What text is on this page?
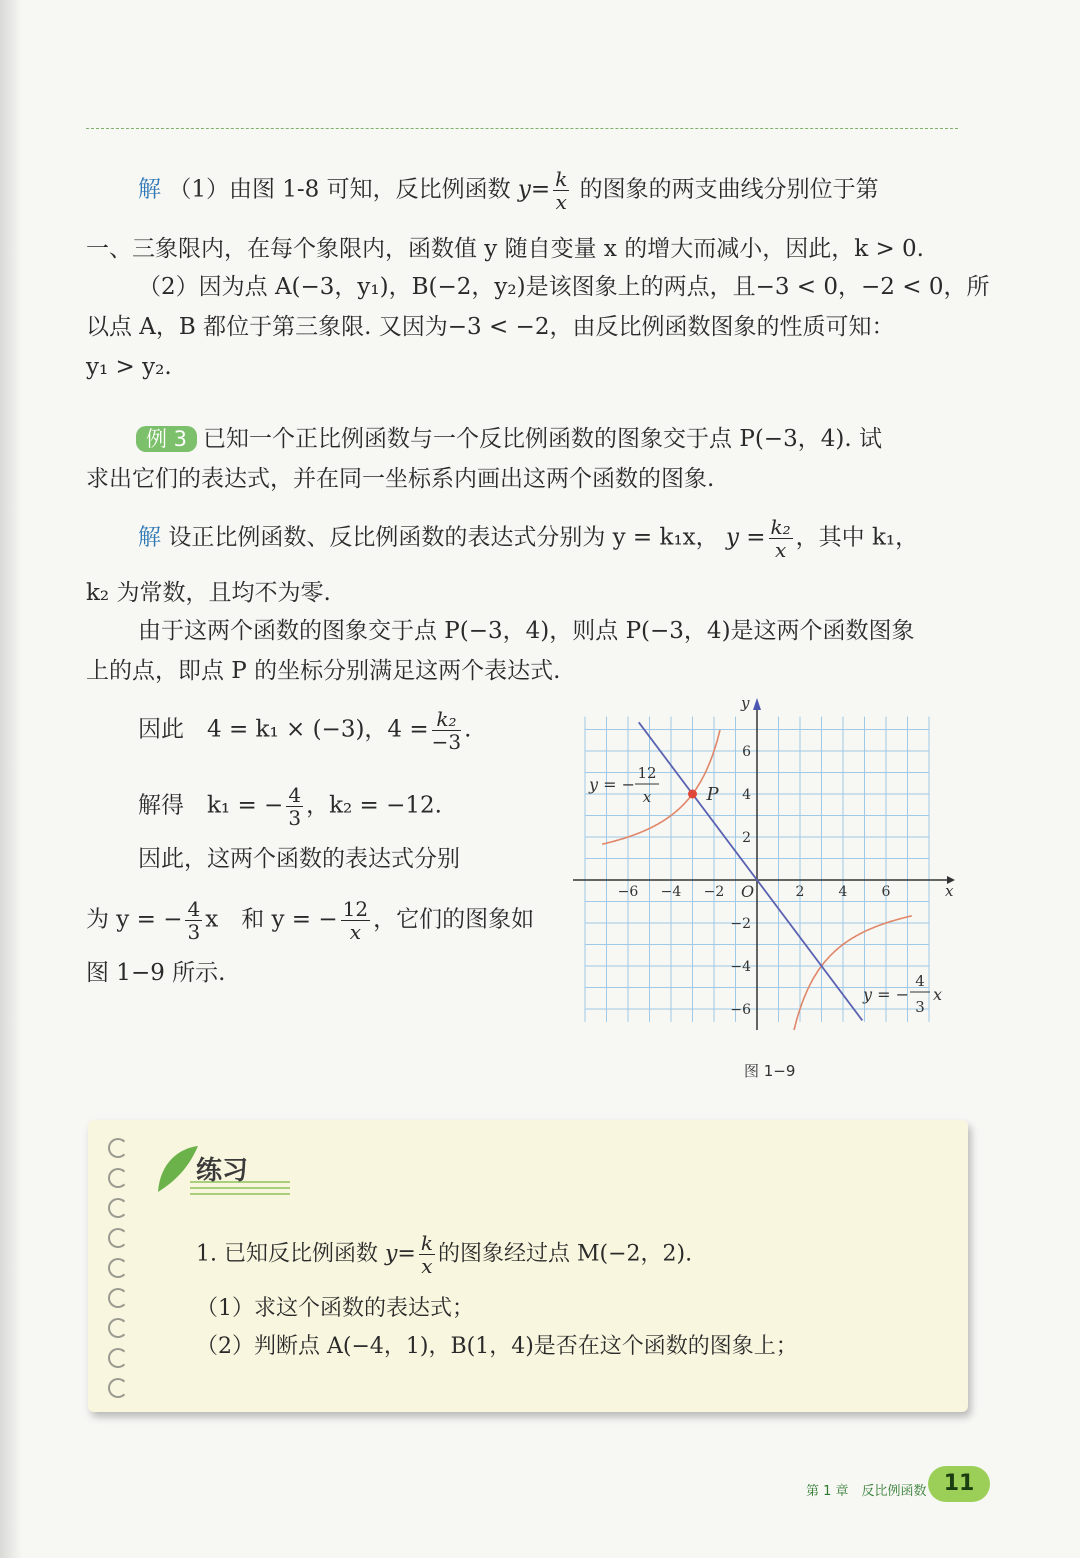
解 （1）由图 1-8 可知，反比例函数 $y= \frac{k}{x}$ 的图象的两支曲线分别位于第
一、三象限内，在每个象限内，函数值 y 随自变量 x 的增大而减小，因此，k > 0.
（2）因为点 A(−3，y₁)，B(−2，y₂)是该图象上的两点，且−3 < 0，−2 < 0，所
以点 A，B 都位于第三象限. 又因为−3 < −2，由反比例函数图象的性质可知：
y₁ > y₂.
例 3 已知一个正比例函数与一个反比例函数的图象交于点 P(−3，4). 试
求出它们的表达式，并在同一坐标系内画出这两个函数的图象.
解 设正比例函数、反比例函数的表达式分别为 y = k₁x， $y = \frac{\text{k₂}}{x}$ ，其中 k₁，
k₂ 为常数，且均不为零.
由于这两个函数的图象交于点 P(−3，4)，则点 P(−3，4)是这两个函数图象
上的点，即点 P 的坐标分别满足这两个表达式.
因此　4 = k₁ × (−3)，$4 = \frac{\text{k₂}}{-3}$ .
解得　k₁ = − $\frac{4}{3}$ ，k₂ = −12.
因此，这两个函数的表达式分别
为 y = − $\frac{4}{3}$ x　和 y = − $\frac{12}{x}$ ，它们的图象如
图 1−9 所示.
x
y
O
−6 −4 −2	2 4 6
−6
−4
−2
2
4
6
y = −
12
x
y = −
4
3
x
P
图 1−9
练习
1. 已知反比例函数 $y= \frac{k}{x}$ 的图象经过点 M(−2，2).
（1）求这个函数的表达式；
（2）判断点 A(−4，1)，B(1，4)是否在这个函数的图象上；
第 1 章　反比例函数 11
